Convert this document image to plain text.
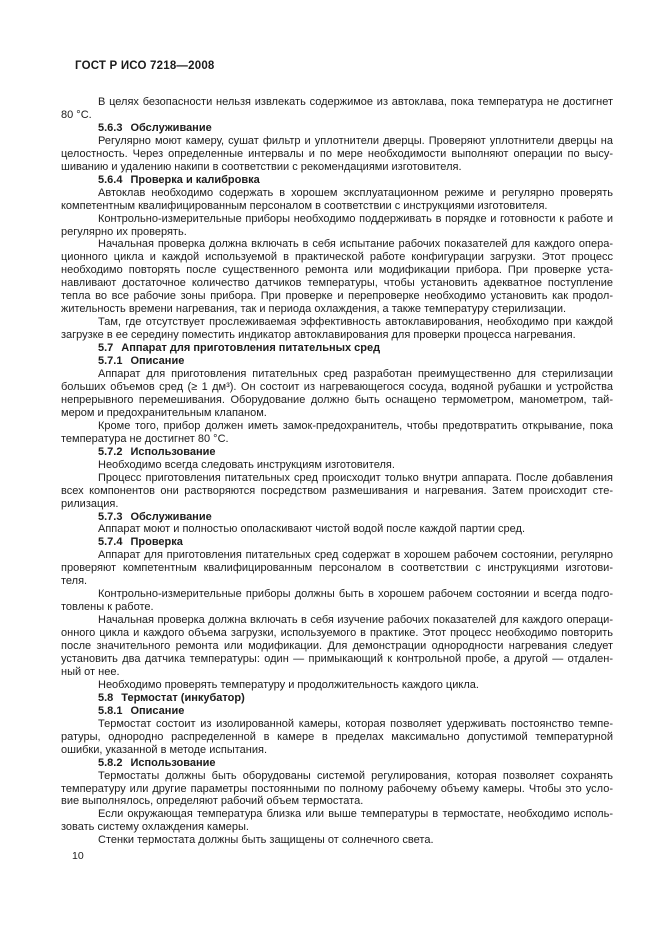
ГОСТ Р ИСО 7218—2008
В целях безопасности нельзя извлекать содержимое из автоклава, пока температура не достигнет
80 °C.
5.6.3 Обслуживание
Регулярно моют камеру, сушат фильтр и уплотнители дверцы. Проверяют уплотнители дверцы на
целостность. Через определенные интервалы и по мере необходимости выполняют операции по высу-
шиванию и удалению накипи в соответствии с рекомендациями изготовителя.
5.6.4 Проверка и калибровка
Автоклав необходимо содержать в хорошем эксплуатационном режиме и регулярно проверять
компетентным квалифицированным персоналом в соответствии с инструкциями изготовителя.
Контрольно-измерительные приборы необходимо поддерживать в порядке и готовности к работе и
регулярно их проверять.
Начальная проверка должна включать в себя испытание рабочих показателей для каждого опера-
ционного цикла и каждой используемой в практической работе конфигурации загрузки. Этот процесс
необходимо повторять после существенного ремонта или модификации прибора. При проверке уста-
навливают достаточное количество датчиков температуры, чтобы установить адекватное поступление
тепла во все рабочие зоны прибора. При проверке и перепроверке необходимо установить как продол-
жительность времени нагревания, так и периода охлаждения, а также температуру стерилизации.
Там, где отсутствует прослеживаемая эффективность автоклавирования, необходимо при каждой
загрузке в ее середину поместить индикатор автоклавирования для проверки процесса нагревания.
5.7 Аппарат для приготовления питательных сред
5.7.1 Описание
Аппарат для приготовления питательных сред разработан преимущественно для стерилизации
больших объемов сред (≥ 1 дм³). Он состоит из нагревающегося сосуда, водяной рубашки и устройства
непрерывного перемешивания. Оборудование должно быть оснащено термометром, манометром, тай-
мером и предохранительным клапаном.
Кроме того, прибор должен иметь замок-предохранитель, чтобы предотвратить открывание, пока
температура не достигнет 80 °C.
5.7.2 Использование
Необходимо всегда следовать инструкциям изготовителя.
Процесс приготовления питательных сред происходит только внутри аппарата. После добавления
всех компонентов они растворяются посредством размешивания и нагревания. Затем происходит сте-
рилизация.
5.7.3 Обслуживание
Аппарат моют и полностью ополаскивают чистой водой после каждой партии сред.
5.7.4 Проверка
Аппарат для приготовления питательных сред содержат в хорошем рабочем состоянии, регулярно
проверяют компетентным квалифицированным персоналом в соответствии с инструкциями изготови-
теля.
Контрольно-измерительные приборы должны быть в хорошем рабочем состоянии и всегда подго-
товлены к работе.
Начальная проверка должна включать в себя изучение рабочих показателей для каждого операци-
онного цикла и каждого объема загрузки, используемого в практике. Этот процесс необходимо повторить
после значительного ремонта или модификации. Для демонстрации однородности нагревания следует
установить два датчика температуры: один — примыкающий к контрольной пробе, а другой — отдален-
ный от нее.
Необходимо проверять температуру и продолжительность каждого цикла.
5.8 Термостат (инкубатор)
5.8.1 Описание
Термостат состоит из изолированной камеры, которая позволяет удерживать постоянство темпе-
ратуры, однородно распределенной в камере в пределах максимально допустимой температурной
ошибки, указанной в методе испытания.
5.8.2 Использование
Термостаты должны быть оборудованы системой регулирования, которая позволяет сохранять
температуру или другие параметры постоянными по полному рабочему объему камеры. Чтобы это усло-
вие выполнялось, определяют рабочий объем термостата.
Если окружающая температура близка или выше температуры в термостате, необходимо исполь-
зовать систему охлаждения камеры.
Стенки термостата должны быть защищены от солнечного света.
10
